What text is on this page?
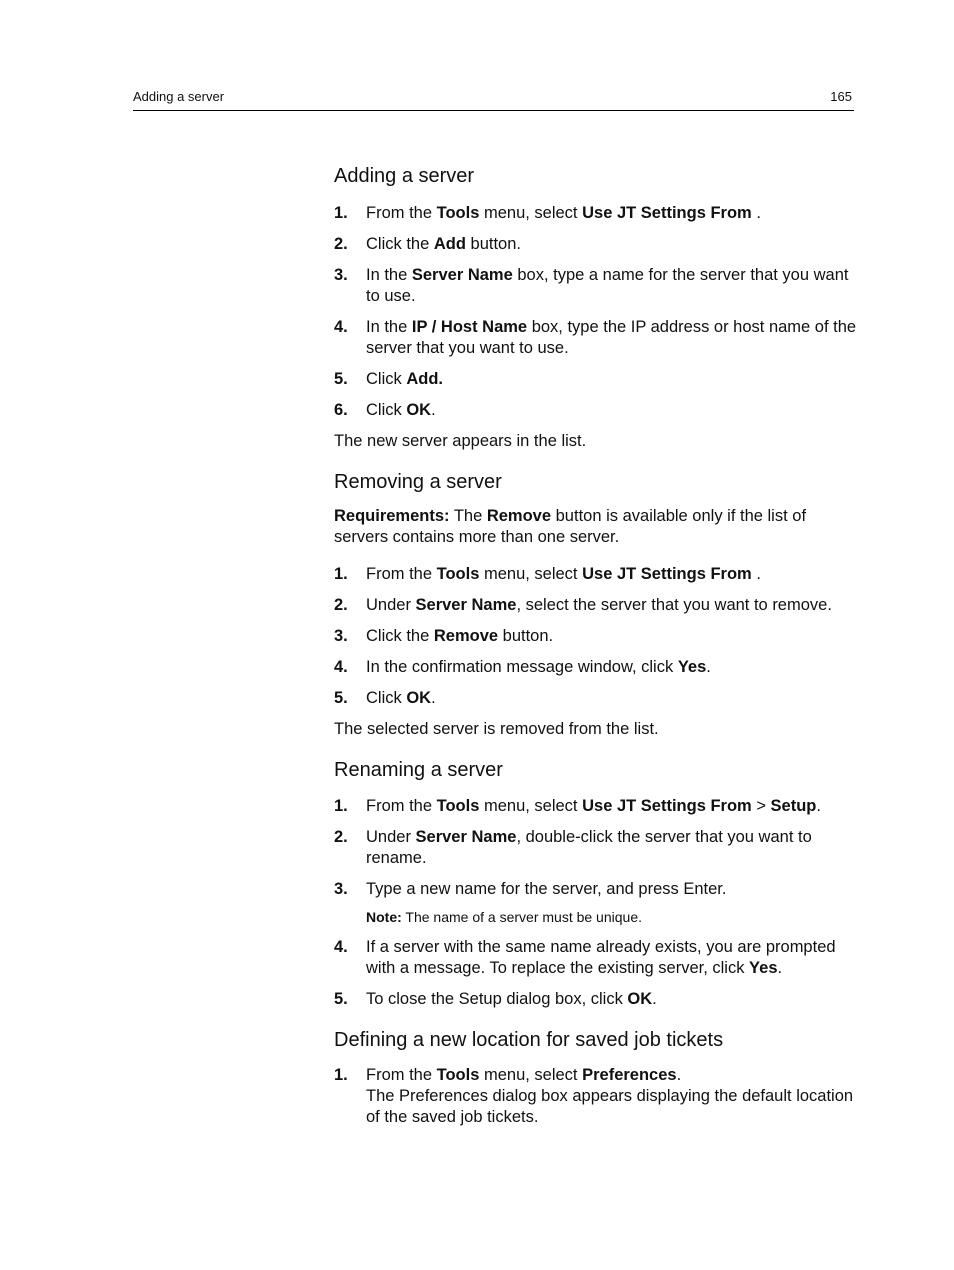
Adding a server	165
Adding a server
1. From the Tools menu, select Use JT Settings From .
2. Click the Add button.
3. In the Server Name box, type a name for the server that you want to use.
4. In the IP / Host Name box, type the IP address or host name of the server that you want to use.
5. Click Add.
6. Click OK.

The new server appears in the list.

Removing a server

Requirements: The Remove button is available only if the list of servers contains more than one server.

1. From the Tools menu, select Use JT Settings From .
2. Under Server Name, select the server that you want to remove.
3. Click the Remove button.
4. In the confirmation message window, click Yes.
5. Click OK.

The selected server is removed from the list.

Renaming a server
1. From the Tools menu, select Use JT Settings From > Setup.
2. Under Server Name, double-click the server that you want to rename.
3. Type a new name for the server, and press Enter.
Note: The name of a server must be unique.
4. If a server with the same name already exists, you are prompted with a message. To replace the existing server, click Yes.
5. To close the Setup dialog box, click OK.
Defining a new location for saved job tickets
1. From the Tools menu, select Preferences.
The Preferences dialog box appears displaying the default location of the saved job tickets.
